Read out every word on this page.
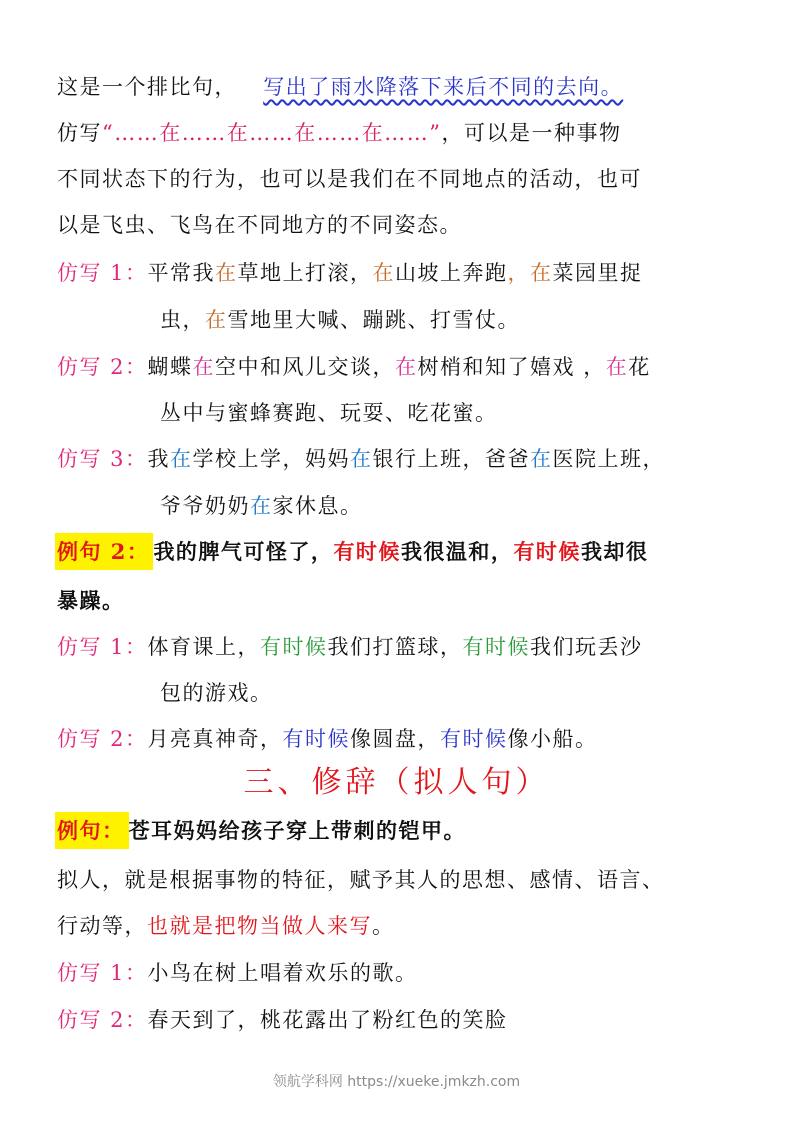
这是一个排比句， 写出了雨水降落下来后不同的去向。
仿写“……在……在……在……在……”，可以是一种事物
不同状态下的行为，也可以是我们在不同地点的活动，也可
以是飞虫、飞鸟在不同地方的不同姿态。
仿写 1：平常我在草地上打滚，在山坡上奔跑，在菜园里捉
虫，在雪地里大喊、蹦跳、打雪仗。
仿写 2：蝴蝶在空中和风儿交谈，在树梢和知了嬉戏 ，在花
丛中与蜜蜂赛跑、玩耍、吃花蜜。
仿写 3：我在学校上学，妈妈在银行上班，爸爸在医院上班，
爷爷奶奶在家休息。
例句 2： 我的脾气可怪了，有时候我很温和，有时候我却很
暴躁。
仿写 1：体育课上，有时候我们打篮球，有时候我们玩丢沙
包的游戏。
仿写 2：月亮真神奇，有时候像圆盘，有时候像小船。
三、修辞（拟人句）
例句： 苍耳妈妈给孩子穿上带刺的铠甲。
拟人，就是根据事物的特征，赋予其人的思想、感情、语言、
行动等，也就是把物当做人来写。
仿写 1：小鸟在树上唱着欢乐的歌。
仿写 2：春天到了，桃花露出了粉红色的笑脸
领航学科网 https://xueke.jmkzh.com
